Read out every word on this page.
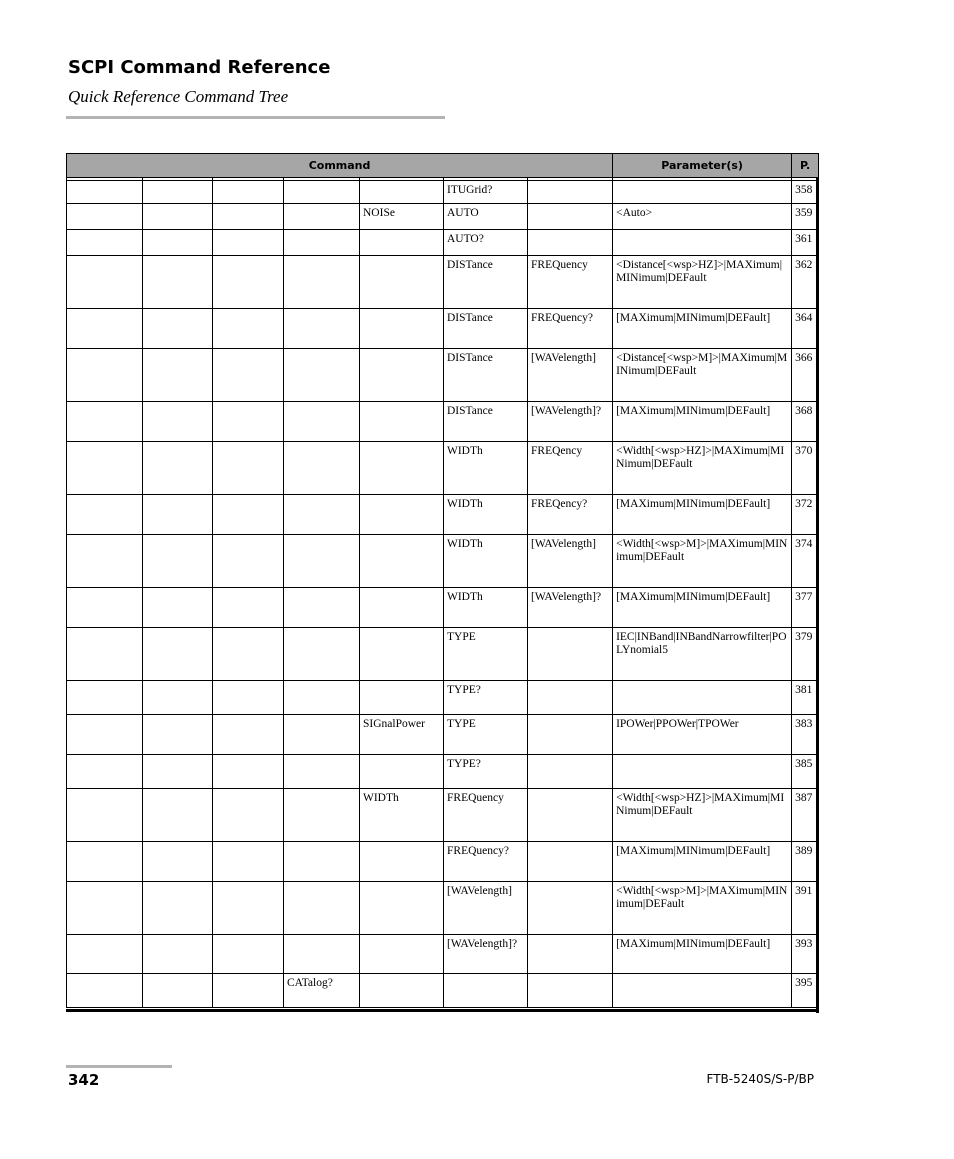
SCPI Command Reference
Quick Reference Command Tree
Command							Parameter(s)	P.

					ITUGrid?			358
				NOISe	AUTO		<Auto>	359
					AUTO?			361
					DISTance	FREQuency	<Distance[<wsp>HZ]>|MAXimum|MINimum|DEFault	362
					DISTance	FREQuency?	[MAXimum|MINimum|DEFault]	364
					DISTance	[WAVelength]	<Distance[<wsp>M]>|MAXimum|MINimum|DEFault	366
					DISTance	[WAVelength]?	[MAXimum|MINimum|DEFault]	368
					WIDTh	FREQency	<Width[<wsp>HZ]>|MAXimum|MINimum|DEFault	370
					WIDTh	FREQency?	[MAXimum|MINimum|DEFault]	372
					WIDTh	[WAVelength]	<Width[<wsp>M]>|MAXimum|MINimum|DEFault	374
					WIDTh	[WAVelength]?	[MAXimum|MINimum|DEFault]	377
					TYPE		IEC|INBand|INBandNarrowfilter|POLYnomial5	379
					TYPE?			381
				SIGnalPower	TYPE		IPOWer|PPOWer|TPOWer	383
					TYPE?			385
				WIDTh	FREQuency		<Width[<wsp>HZ]>|MAXimum|MINimum|DEFault	387
					FREQuency?		[MAXimum|MINimum|DEFault]	389
					[WAVelength]		<Width[<wsp>M]>|MAXimum|MINimum|DEFault	391
					[WAVelength]?		[MAXimum|MINimum|DEFault]	393
			CATalog?					395
342	FTB-5240S/S-P/BP
